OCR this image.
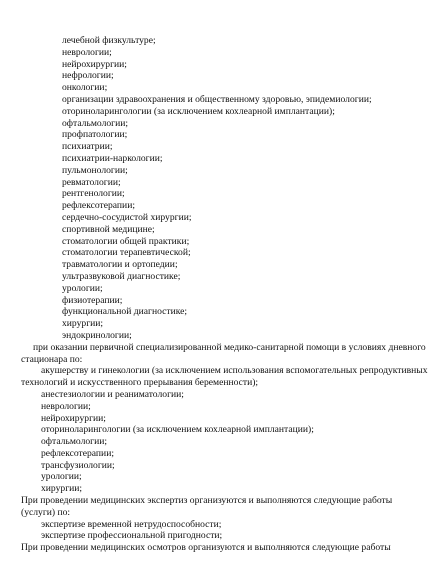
лечебной физкультуре;

неврологии;

нейрохирургии;

нефрологии;

онкологии;

организации здравоохранения и общественному здоровью, эпидемиологии;

оториноларингологии (за исключением кохлеарной имплантации);

офтальмологии;

профпатологии;

психиатрии;

психиатрии-наркологии;

пульмонологии;

ревматологии;

рентгенологии;

рефлексотерапии;

сердечно-сосудистой хирургии;

спортивной медицине;

стоматологии общей практики;

стоматологии терапевтической;

травматологии и ортопедии;

ультразвуковой диагностике;

урологии;

физиотерапии;

функциональной диагностике;

хирургии;

эндокринологии;

при оказании первичной специализированной медико-санитарной помощи в условиях дневного

стационара по:

акушерству и гинекологии (за исключением использования вспомогательных репродуктивных

технологий и искусственного прерывания беременности);

анестезиологии и реаниматологии;

неврологии;

нейрохирургии;

оториноларингологии (за исключением кохлеарной имплантации);

офтальмологии;

рефлексотерапии;

трансфузиологии;

урологии;

хирургии;

При проведении медицинских экспертиз организуются и выполняются следующие работы

(услуги) по:

экспертизе временной нетрудоспособности;

экспертизе профессиональной пригодности;

При проведении медицинских осмотров организуются и выполняются следующие работы
